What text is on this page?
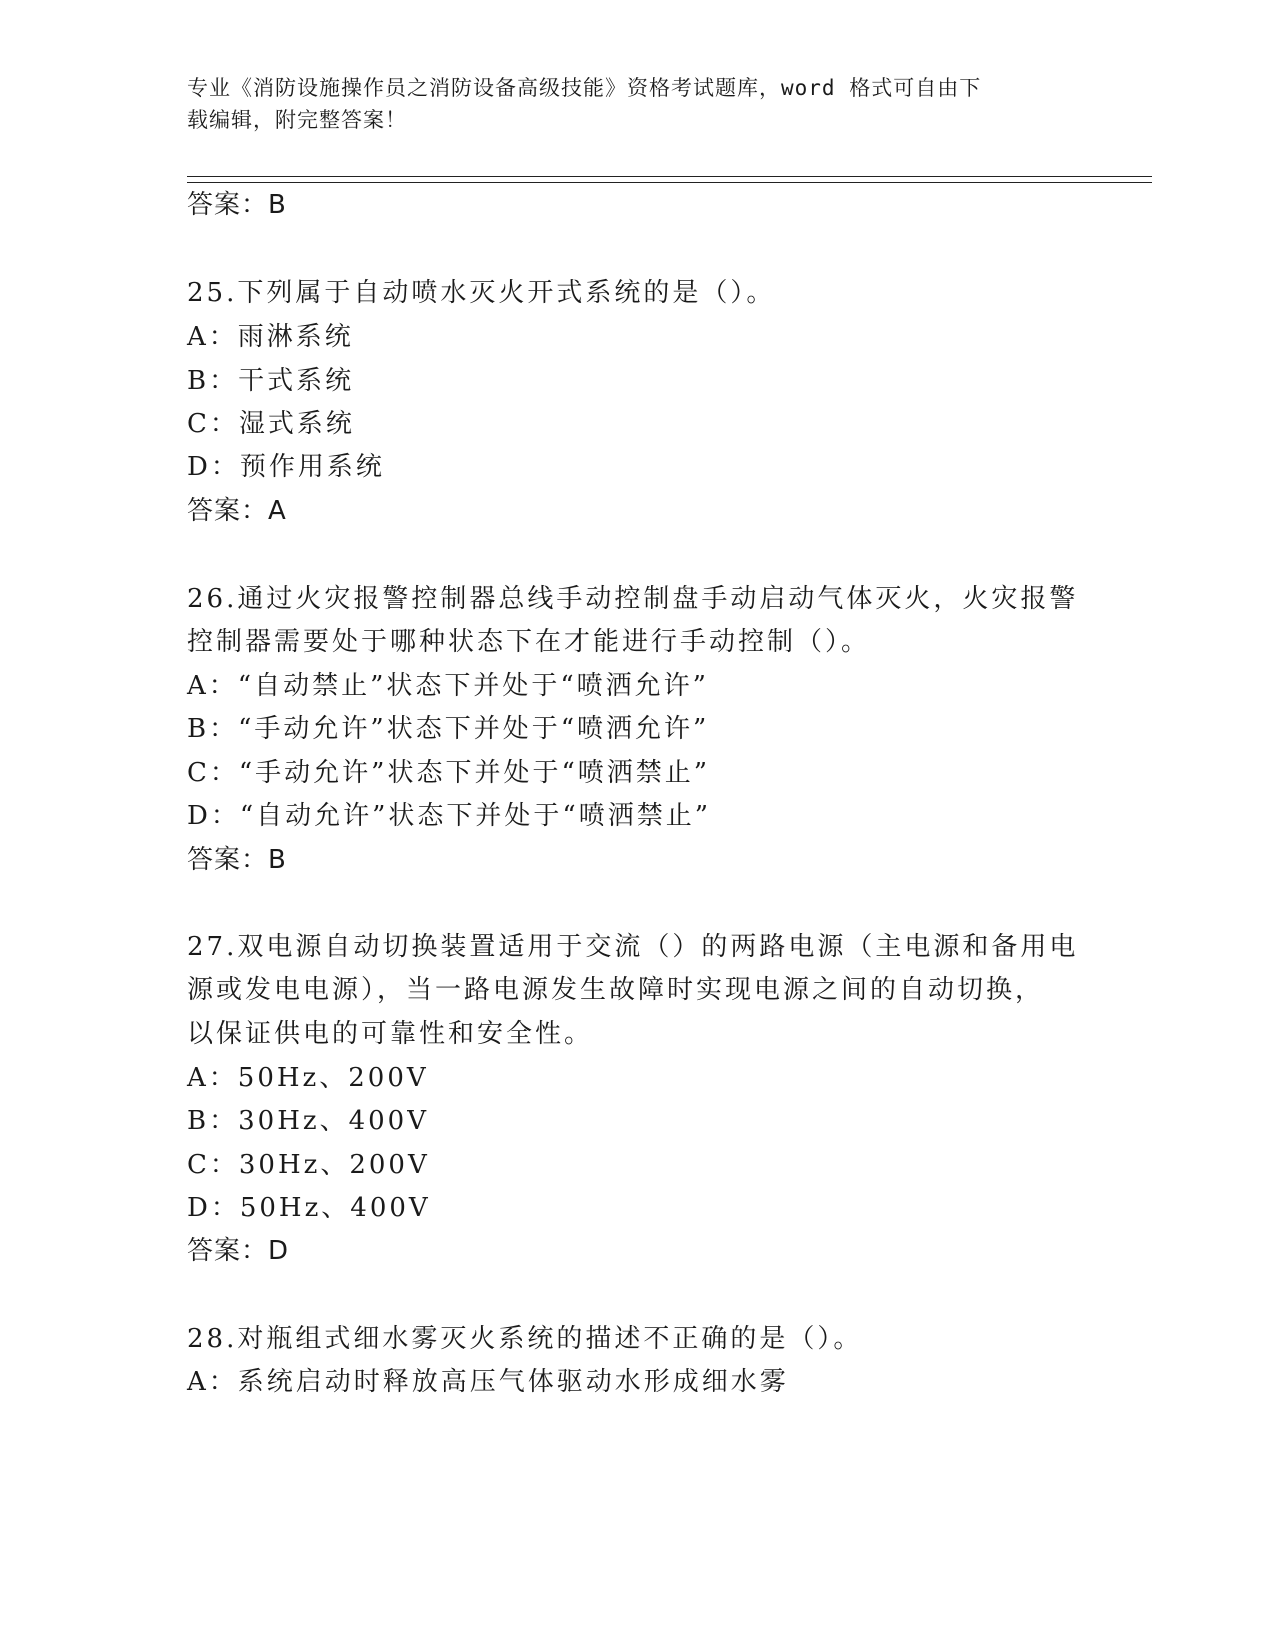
专业《消防设施操作员之消防设备高级技能》资格考试题库，word 格式可自由下
载编辑，附完整答案！
答案：B
25.下列属于自动喷水灭火开式系统的是（）。
A：雨淋系统
B：干式系统
C：湿式系统
D：预作用系统
答案：A
26.通过火灾报警控制器总线手动控制盘手动启动气体灭火，火灾报警
控制器需要处于哪种状态下在才能进行手动控制（）。
A：“自动禁止”状态下并处于“喷洒允许”
B：“手动允许”状态下并处于“喷洒允许”
C：“手动允许”状态下并处于“喷洒禁止”
D：“自动允许”状态下并处于“喷洒禁止”
答案：B
27.双电源自动切换装置适用于交流（）的两路电源（主电源和备用电
源或发电电源），当一路电源发生故障时实现电源之间的自动切换，
以保证供电的可靠性和安全性。
A：50Hz、200V
B：30Hz、400V
C：30Hz、200V
D：50Hz、400V
答案：D
28.对瓶组式细水雾灭火系统的描述不正确的是（）。
A：系统启动时释放高压气体驱动水形成细水雾
